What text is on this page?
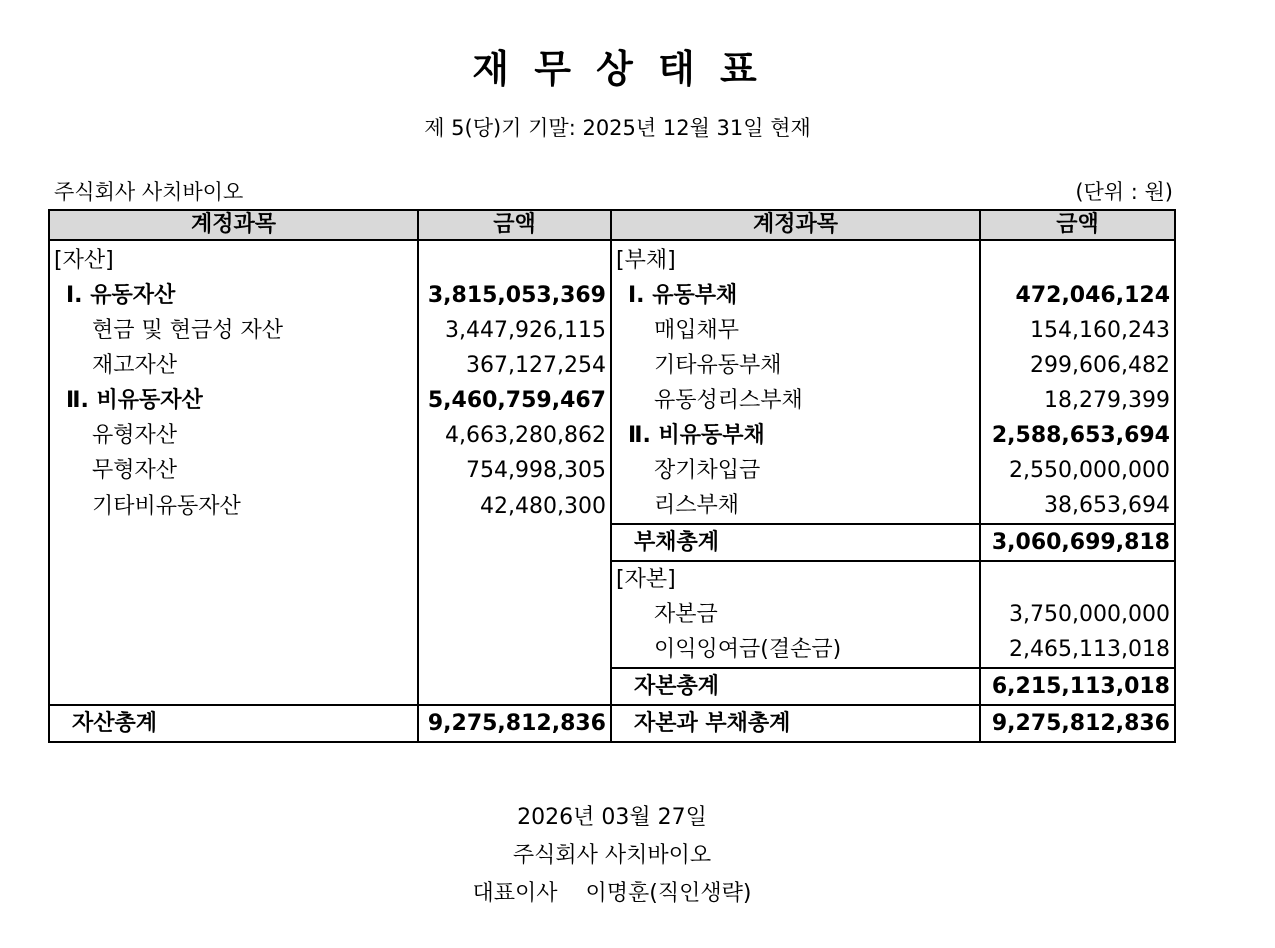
재 무 상 태 표
제 5(당)기 기말: 2025년 12월 31일 현재
주식회사 사치바이오	(단위 : 원)
계정과목	금액	계정과목	금액
[자산]		[부채]	
Ⅰ. 유동자산	3,815,053,369	Ⅰ. 유동부채	472,046,124
현금 및 현금성 자산	3,447,926,115	매입채무	154,160,243
재고자산	367,127,254	기타유동부채	299,606,482
Ⅱ. 비유동자산	5,460,759,467	유동성리스부채	18,279,399
유형자산	4,663,280,862	Ⅱ. 비유동부채	2,588,653,694
무형자산	754,998,305	장기차입금	2,550,000,000
기타비유동자산	42,480,300	리스부채	38,653,694
		부채총계	3,060,699,818
		[자본]	
		자본금	3,750,000,000
		이익잉여금(결손금)	2,465,113,018
		자본총계	6,215,113,018
자산총계	9,275,812,836	자본과 부채총계	9,275,812,836
2026년 03월 27일
주식회사 사치바이오
대표이사    이명훈(직인생략)
